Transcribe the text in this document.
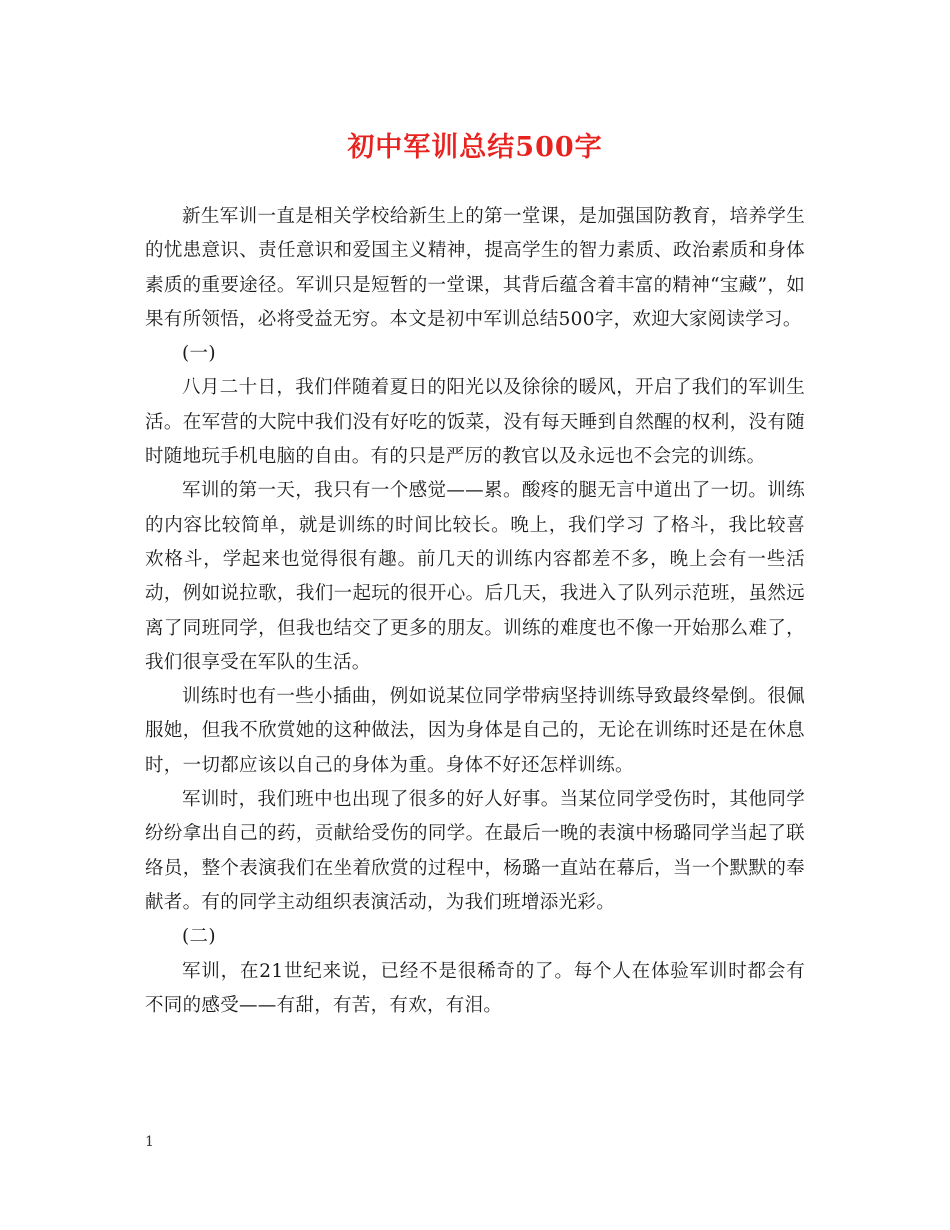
初中军训总结500字

新生军训一直是相关学校给新生上的第一堂课，是加强国防教育，培养学生的忧患意识、责任意识和爱国主义精神，提高学生的智力素质、政治素质和身体素质的重要途径。军训只是短暂的一堂课，其背后蕴含着丰富的精神“宝藏”，如果有所领悟，必将受益无穷。本文是初中军训总结500字，欢迎大家阅读学习。

(一)

八月二十日，我们伴随着夏日的阳光以及徐徐的暖风，开启了我们的军训生活。在军营的大院中我们没有好吃的饭菜，没有每天睡到自然醒的权利，没有随时随地玩手机电脑的自由。有的只是严厉的教官以及永远也不会完的训练。

军训的第一天，我只有一个感觉——累。酸疼的腿无言中道出了一切。训练的内容比较简单，就是训练的时间比较长。晚上，我们学习 了格斗，我比较喜欢格斗，学起来也觉得很有趣。前几天的训练内容都差不多，晚上会有一些活动，例如说拉歌，我们一起玩的很开心。后几天，我进入了队列示范班，虽然远离了同班同学，但我也结交了更多的朋友。训练的难度也不像一开始那么难了，我们很享受在军队的生活。

训练时也有一些小插曲，例如说某位同学带病坚持训练导致最终晕倒。很佩服她，但我不欣赏她的这种做法，因为身体是自己的，无论在训练时还是在休息时，一切都应该以自己的身体为重。身体不好还怎样训练。

军训时，我们班中也出现了很多的好人好事。当某位同学受伤时，其他同学纷纷拿出自己的药，贡献给受伤的同学。在最后一晚的表演中杨璐同学当起了联络员，整个表演我们在坐着欣赏的过程中，杨璐一直站在幕后，当一个默默的奉献者。有的同学主动组织表演活动，为我们班增添光彩。

(二)

军训，在21世纪来说，已经不是很稀奇的了。每个人在体验军训时都会有不同的感受——有甜，有苦，有欢，有泪。

1
